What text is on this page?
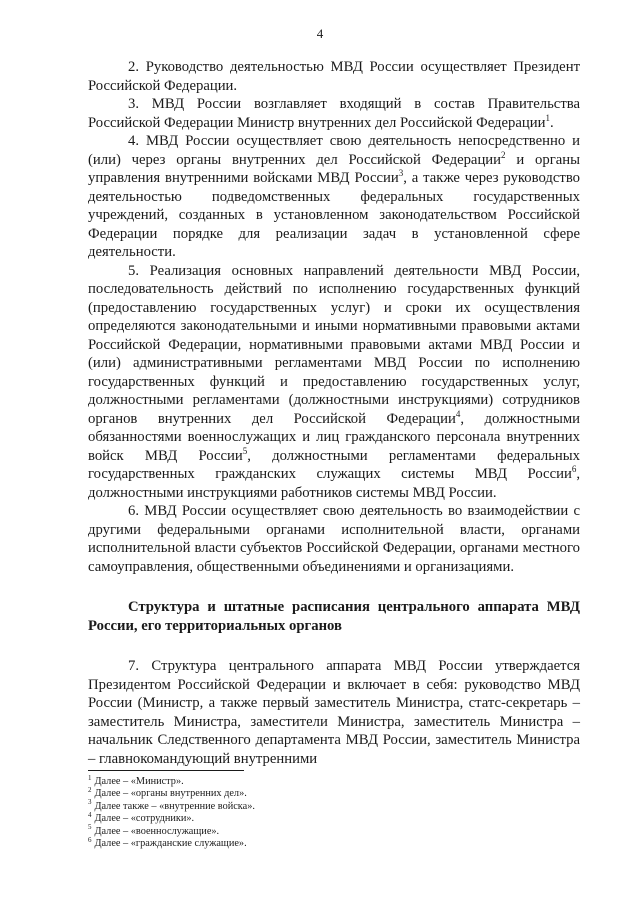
4

2. Руководство деятельностью МВД России осуществляет Президент Российской Федерации.

3. МВД России возглавляет входящий в состав Правительства Российской Федерации Министр внутренних дел Российской Федерации$^1$.

4. МВД России осуществляет свою деятельность непосредственно и (или) через органы внутренних дел Российской Федерации$^2$ и органы управления внутренними войсками МВД России$^3$, а также через руководство деятельностью подведомственных федеральных государственных учреждений, созданных в установленном законодательством Российской Федерации порядке для реализации задач в установленной сфере деятельности.

5. Реализация основных направлений деятельности МВД России, последовательность действий по исполнению государственных функций (предоставлению государственных услуг) и сроки их осуществления определяются законодательными и иными нормативными правовыми актами Российской Федерации, нормативными правовыми актами МВД России и (или) административными регламентами МВД России по исполнению государственных функций и предоставлению государственных услуг, должностными регламентами (должностными инструкциями) сотрудников органов внутренних дел Российской Федерации$^4$, должностными обязанностями военнослужащих и лиц гражданского персонала внутренних войск МВД России$^5$, должностными регламентами федеральных государственных гражданских служащих системы МВД России$^6$, должностными инструкциями работников системы МВД России.

6. МВД России осуществляет свою деятельность во взаимодействии с другими федеральными органами исполнительной власти, органами исполнительной власти субъектов Российской Федерации, органами местного самоуправления, общественными объединениями и организациями.

Структура и штатные расписания центрального аппарата МВД России, его территориальных органов

7. Структура центрального аппарата МВД России утверждается Президентом Российской Федерации и включает в себя: руководство МВД России (Министр, а также первый заместитель Министра, статс-секретарь – заместитель Министра, заместители Министра, заместитель Министра – начальник Следственного департамента МВД России, заместитель Министра – главнокомандующий внутренними

$^1$ Далее – «Министр».

$^2$ Далее – «органы внутренних дел».

$^3$ Далее также – «внутренние войска».

$^4$ Далее – «сотрудники».

$^5$ Далее – «военнослужащие».

$^6$ Далее – «гражданские служащие».
